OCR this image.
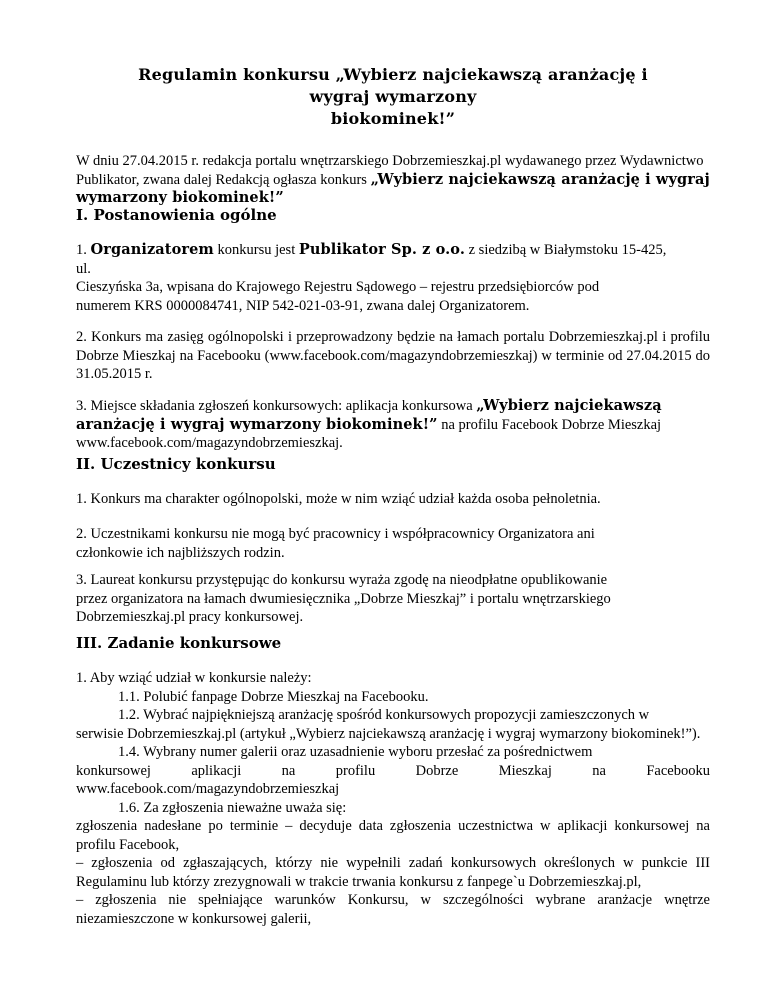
Regulamin konkursu „Wybierz najciekawszą aranżację i
wygraj wymarzony
biokominek!”

W dniu 27.04.2015 r. redakcja portalu wnętrzarskiego Dobrzemieszkaj.pl wydawanego przez Wydawnictwo Publikator, zwana dalej Redakcją ogłasza konkurs „Wybierz najciekawszą aranżację i wygraj wymarzony biokominek!”

I. Postanowienia ogólne

1. Organizatorem konkursu jest Publikator Sp. z o.o. z siedzibą w Białymstoku 15-425,

ul.

Cieszyńska 3a, wpisana do Krajowego Rejestru Sądowego – rejestru przedsiębiorców pod

numerem KRS 0000084741, NIP 542-021-03-91, zwana dalej Organizatorem.

2. Konkurs ma zasięg ogólnopolski i przeprowadzony będzie na łamach portalu Dobrzemieszkaj.pl i profilu Dobrze Mieszkaj na Facebooku (www.facebook.com/magazyndobrzemieszkaj) w terminie od 27.04.2015 do 31.05.2015 r.

3. Miejsce składania zgłoszeń konkursowych: aplikacja konkursowa „Wybierz najciekawszą aranżację i wygraj wymarzony biokominek!” na profilu Facebook Dobrze Mieszkaj
www.facebook.com/magazyndobrzemieszkaj.

II. Uczestnicy konkursu

1. Konkurs ma charakter ogólnopolski, może w nim wziąć udział każda osoba pełnoletnia.

2. Uczestnikami konkursu nie mogą być pracownicy i współpracownicy Organizatora ani

członkowie ich najbliższych rodzin.

3. Laureat konkursu przystępując do konkursu wyraża zgodę na nieodpłatne opublikowanie

przez organizatora na łamach dwumiesięcznika „Dobrze Mieszkaj” i portalu wnętrzarskiego

Dobrzemieszkaj.pl pracy konkursowej.

III. Zadanie konkursowe

1. Aby wziąć udział w konkursie należy:

1.1. Polubić fanpage Dobrze Mieszkaj na Facebooku.

1.2. Wybrać najpiękniejszą aranżację spośród konkursowych propozycji zamieszczonych w

serwisie Dobrzemieszkaj.pl (artykuł „Wybierz najciekawszą aranżację i wygraj wymarzony biokominek!”).

1.4. Wybrany numer galerii oraz uzasadnienie wyboru przesłać za pośrednictwem

konkursowej	aplikacji	na	profilu	Dobrze	Mieszkaj	na	Facebooku

www.facebook.com/magazyndobrzemieszkaj

1.6. Za zgłoszenia nieważne uważa się:

zgłoszenia nadesłane po terminie – decyduje data zgłoszenia uczestnictwa w aplikacji konkursowej na profilu Facebook,

– zgłoszenia od zgłaszających, którzy nie wypełnili zadań konkursowych określonych w punkcie III Regulaminu lub którzy zrezygnowali w trakcie trwania konkursu z fanpege`u Dobrzemieszkaj.pl,

– zgłoszenia nie spełniające warunków Konkursu, w szczególności wybrane aranżacje wnętrze niezamieszczone w konkursowej galerii,
